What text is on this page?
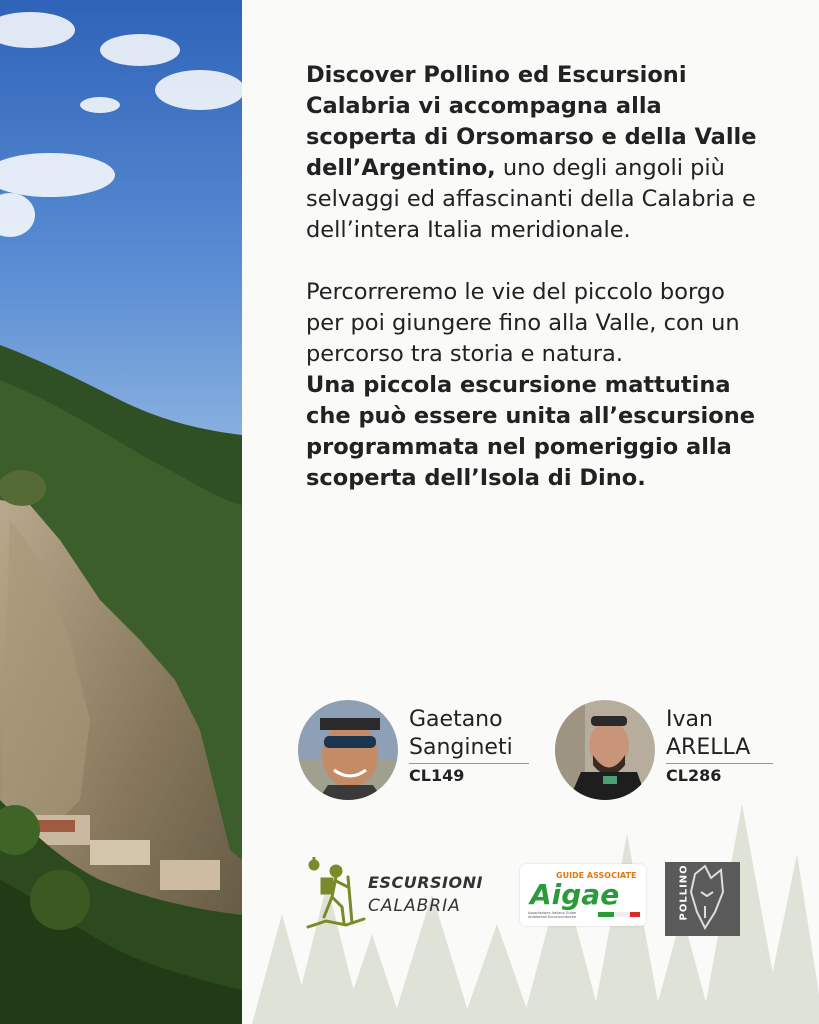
Discover Pollino ed Escursioni Calabria vi accompagna alla scoperta di Orsomarso e della Valle dell’Argentino, uno degli angoli più selvaggi ed affascinanti della Calabria e dell’intera Italia meridionale.

Percorreremo le vie del piccolo borgo per poi giungere fino alla Valle, con un percorso tra storia e natura.

Una piccola escursione mattutina che può essere unita all’escursione programmata nel pomeriggio alla scoperta dell’Isola di Dino.

Gaetano
Sangineti
CL149
Ivan
ARELLA
CL286
ESCURSIONI
CALABRIA
GUIDE ASSOCIATE
Aigae
Associazione Italiana Guide Ambientali Escursionistiche	POLLINO
